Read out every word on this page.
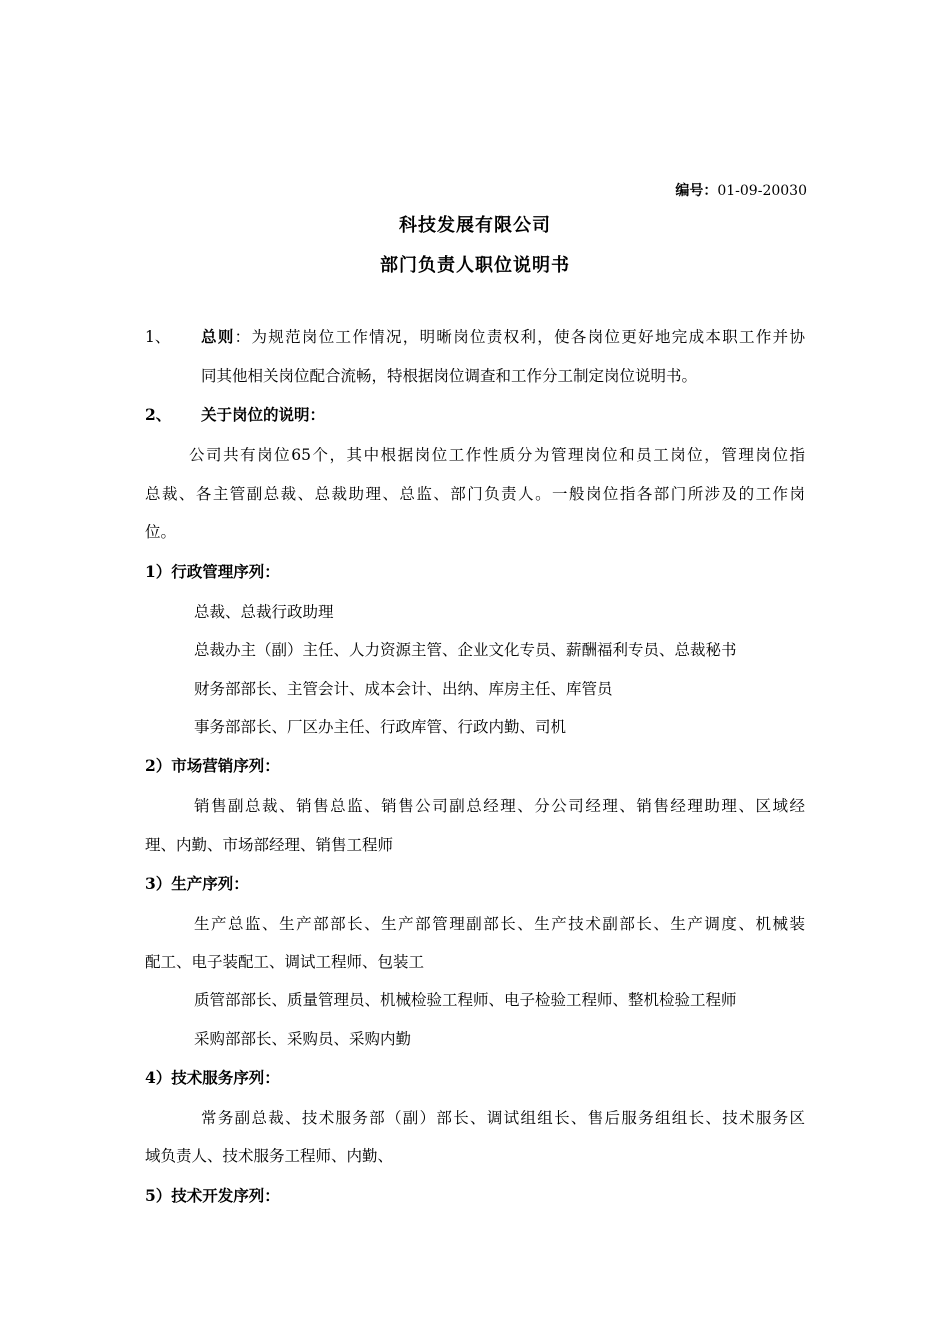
编号：01-09-20030
科技发展有限公司
部门负责人职位说明书
1、 总则：为规范岗位工作情况，明晰岗位责权利，使各岗位更好地完成本职工作并协
同其他相关岗位配合流畅，特根据岗位调查和工作分工制定岗位说明书。
2、 关于岗位的说明：
公司共有岗位65个，其中根据岗位工作性质分为管理岗位和员工岗位，管理岗位指
总裁、各主管副总裁、总裁助理、总监、部门负责人。一般岗位指各部门所涉及的工作岗
位。
1）行政管理序列：
总裁、总裁行政助理
总裁办主（副）主任、人力资源主管、企业文化专员、薪酬福利专员、总裁秘书
财务部部长、主管会计、成本会计、出纳、库房主任、库管员
事务部部长、厂区办主任、行政库管、行政内勤、司机
2）市场营销序列：
销售副总裁、销售总监、销售公司副总经理、分公司经理、销售经理助理、区域经
理、内勤、市场部经理、销售工程师
3）生产序列：
生产总监、生产部部长、生产部管理副部长、生产技术副部长、生产调度、机械装
配工、电子装配工、调试工程师、包装工
质管部部长、质量管理员、机械检验工程师、电子检验工程师、整机检验工程师
采购部部长、采购员、采购内勤
4）技术服务序列：
常务副总裁、技术服务部（副）部长、调试组组长、售后服务组组长、技术服务区
域负责人、技术服务工程师、内勤、
5）技术开发序列：
